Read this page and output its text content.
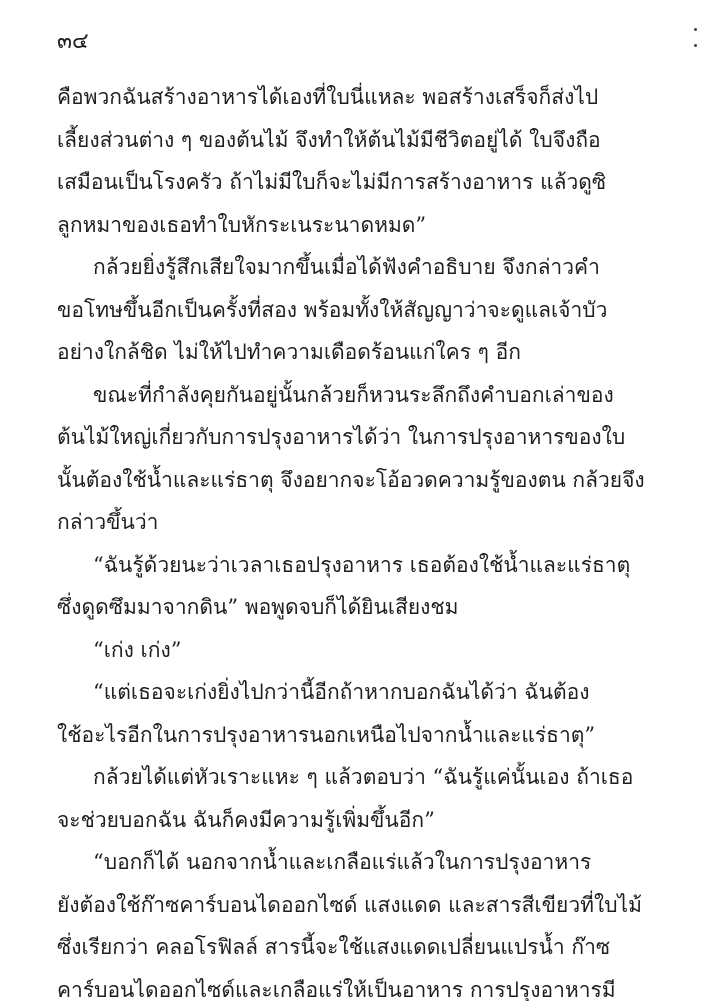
๓๔
คือพวกฉันสร้างอาหารได้เองที่ใบนี่แหละ พอสร้างเสร็จก็ส่งไป
เลี้ยงส่วนต่าง ๆ ของต้นไม้ จึงทำให้ต้นไม้มีชีวิตอยู่ได้ ใบจึงถือ
เสมือนเป็นโรงครัว ถ้าไม่มีใบก็จะไม่มีการสร้างอาหาร แล้วดูซิ
ลูกหมาของเธอทำใบหักระเนระนาดหมด”
กล้วยยิ่งรู้สึกเสียใจมากขึ้นเมื่อได้ฟังคำอธิบาย จึงกล่าวคำ
ขอโทษขึ้นอีกเป็นครั้งที่สอง พร้อมทั้งให้สัญญาว่าจะดูแลเจ้าบัว
อย่างใกล้ชิด ไม่ให้ไปทำความเดือดร้อนแก่ใคร ๆ อีก
ขณะที่กำลังคุยกันอยู่นั้นกล้วยก็หวนระลึกถึงคำบอกเล่าของ
ต้นไม้ใหญ่เกี่ยวกับการปรุงอาหารได้ว่า ในการปรุงอาหารของใบ
นั้นต้องใช้น้ำและแร่ธาตุ จึงอยากจะโอ้อวดความรู้ของตน กล้วยจึง
กล่าวขึ้นว่า
“ฉันรู้ด้วยนะว่าเวลาเธอปรุงอาหาร เธอต้องใช้น้ำและแร่ธาตุ
ซึ่งดูดซึมมาจากดิน” พอพูดจบก็ได้ยินเสียงชม
“เก่ง เก่ง”
“แต่เธอจะเก่งยิ่งไปกว่านี้อีกถ้าหากบอกฉันได้ว่า ฉันต้อง
ใช้อะไรอีกในการปรุงอาหารนอกเหนือไปจากน้ำและแร่ธาตุ”
กล้วยได้แต่หัวเราะแหะ ๆ แล้วตอบว่า “ฉันรู้แค่นั้นเอง ถ้าเธอ
จะช่วยบอกฉัน ฉันก็คงมีความรู้เพิ่มขึ้นอีก”
“บอกก็ได้ นอกจากน้ำและเกลือแร่แล้วในการปรุงอาหาร
ยังต้องใช้ก๊าซคาร์บอนไดออกไซด์ แสงแดด และสารสีเขียวที่ใบไม้
ซึ่งเรียกว่า คลอโรฟิลล์ สารนี้จะใช้แสงแดดเปลี่ยนแปรน้ำ ก๊าซ
คาร์บอนไดออกไซด์และเกลือแร่ให้เป็นอาหาร การปรุงอาหารมี
